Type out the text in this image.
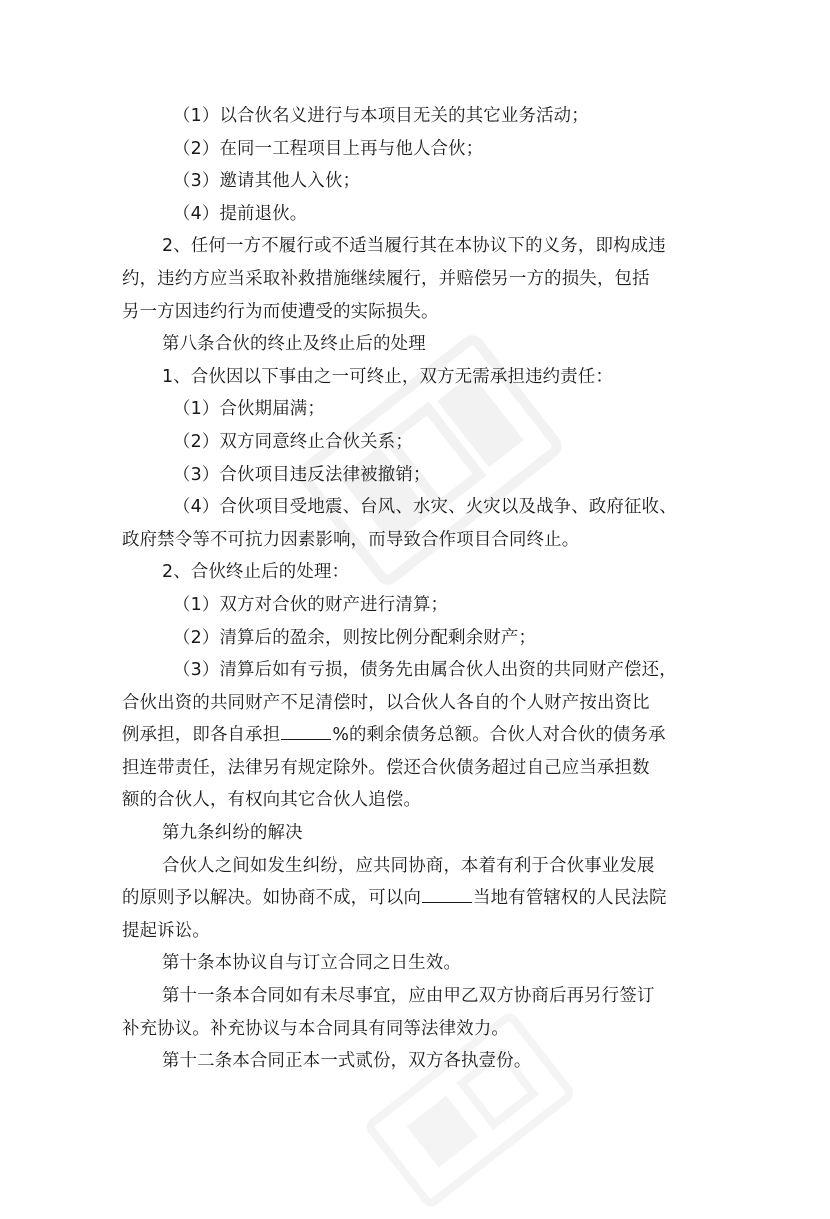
（1）以合伙名义进行与本项目无关的其它业务活动；

（2）在同一工程项目上再与他人合伙；

（3）邀请其他人入伙；

（4）提前退伙。

2、任何一方不履行或不适当履行其在本协议下的义务，即构成违

约，违约方应当采取补救措施继续履行，并赔偿另一方的损失，包括

另一方因违约行为而使遭受的实际损失。

第八条合伙的终止及终止后的处理

1、合伙因以下事由之一可终止，双方无需承担违约责任：

（1）合伙期届满；

（2）双方同意终止合伙关系；

（3）合伙项目违反法律被撤销；

（4）合伙项目受地震、台风、水灾、火灾以及战争、政府征收、

政府禁令等不可抗力因素影响，而导致合作项目合同终止。

2、合伙终止后的处理：

（1）双方对合伙的财产进行清算；

（2）清算后的盈余，则按比例分配剩余财产；

（3）清算后如有亏损，债务先由属合伙人出资的共同财产偿还，

合伙出资的共同财产不足清偿时，以合伙人各自的个人财产按出资比

例承担，即各自承担	%的剩余债务总额。合伙人对合伙的债务承

担连带责任，法律另有规定除外。偿还合伙债务超过自己应当承担数

额的合伙人，有权向其它合伙人追偿。

第九条纠纷的解决

合伙人之间如发生纠纷，应共同协商，本着有利于合伙事业发展

的原则予以解决。如协商不成，可以向	当地有管辖权的人民法院

提起诉讼。

第十条本协议自与订立合同之日生效。

第十一条本合同如有未尽事宜，应由甲乙双方协商后再另行签订

补充协议。补充协议与本合同具有同等法律效力。

第十二条本合同正本一式贰份，双方各执壹份。
